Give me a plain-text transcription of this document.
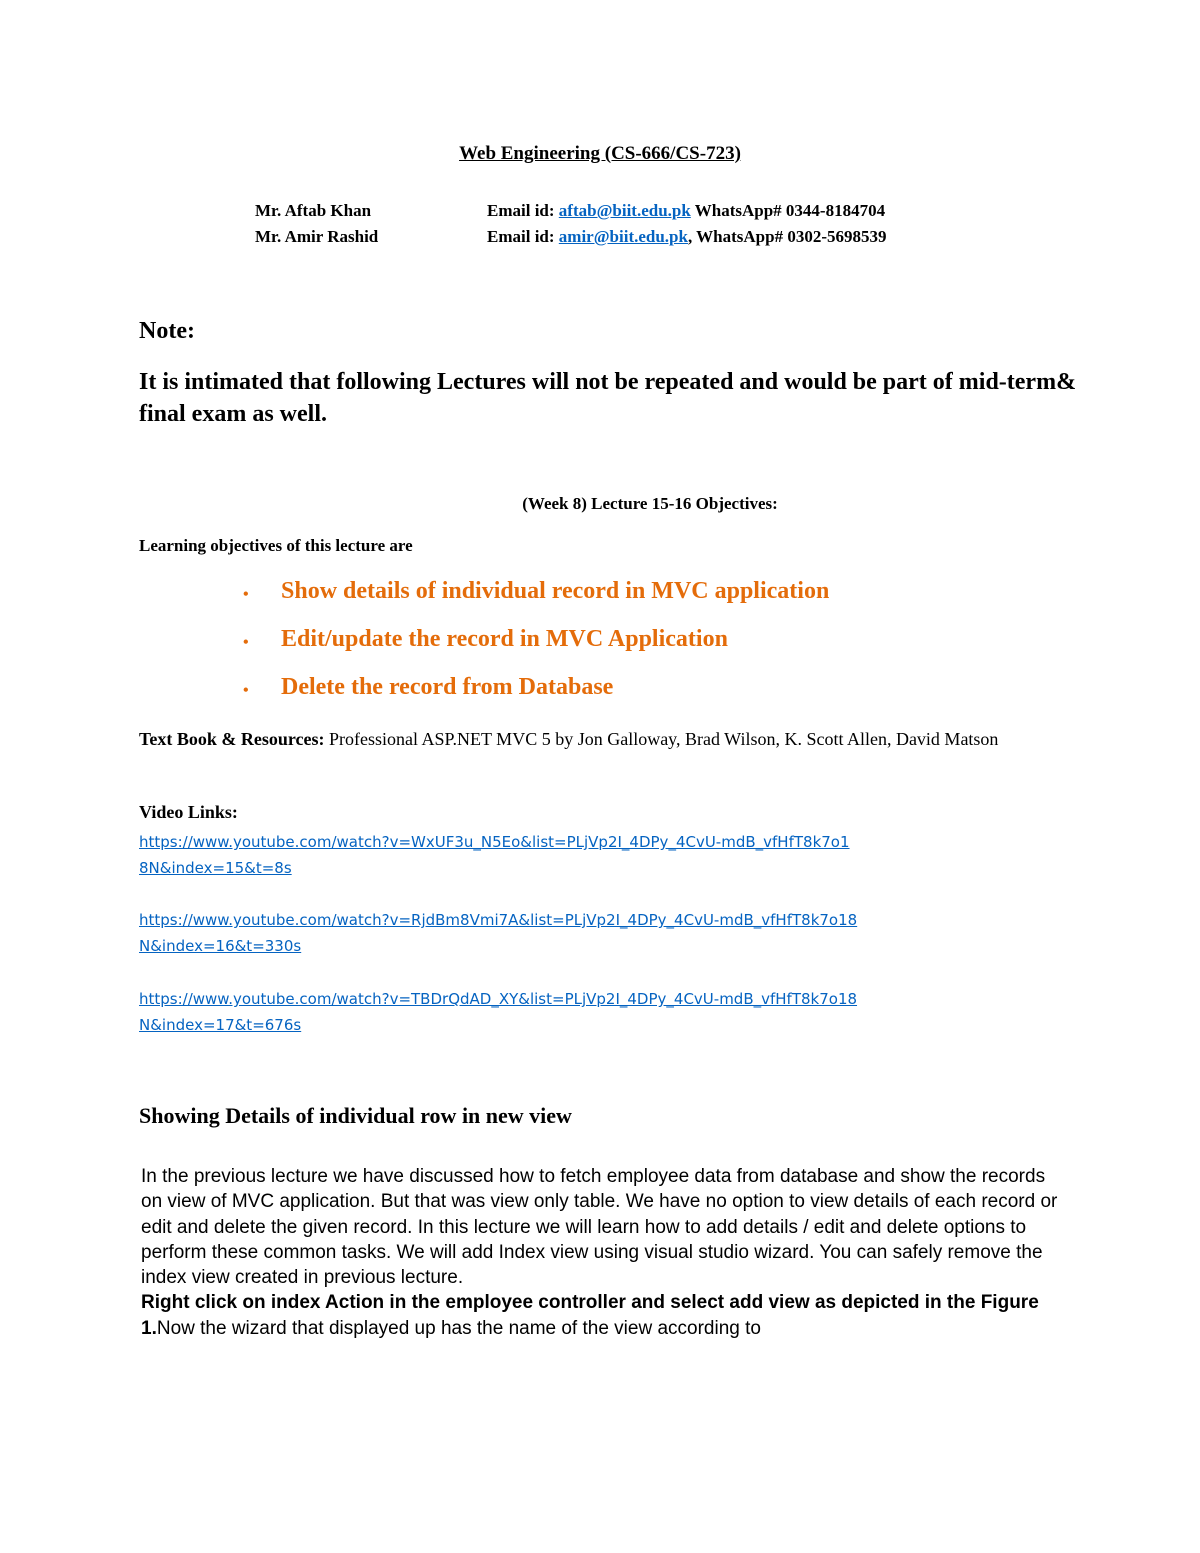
Web Engineering (CS-666/CS-723)
Mr. Aftab Khan	Email id: aftab@biit.edu.pk WhatsApp# 0344-8184704
Mr. Amir Rashid	Email id: amir@biit.edu.pk, WhatsApp# 0302-5698539
Note:
It is intimated that following Lectures will not be repeated and would be part of mid-term& final exam as well.
(Week 8) Lecture 15-16 Objectives:
Learning objectives of this lecture are
•	Show details of individual record in MVC application
•	Edit/update the record in MVC Application
•	Delete the record from Database
Text Book & Resources: Professional ASP.NET MVC 5 by Jon Galloway, Brad Wilson, K. Scott Allen, David Matson
Video Links:
https://www.youtube.com/watch?v=WxUF3u_N5Eo&list=PLjVp2I_4DPy_4CvU-mdB_vfHfT8k7o18N&index=15&t=8s
https://www.youtube.com/watch?v=RjdBm8Vmi7A&list=PLjVp2I_4DPy_4CvU-mdB_vfHfT8k7o18N&index=16&t=330s
https://www.youtube.com/watch?v=TBDrQdAD_XY&list=PLjVp2I_4DPy_4CvU-mdB_vfHfT8k7o18N&index=17&t=676s
Showing Details of individual row in new view
In the previous lecture we have discussed how to fetch employee data from database and show the records on view of MVC application. But that was view only table. We have no option to view details of each record or edit and delete the given record. In this lecture we will learn how to add details / edit and delete options to perform these common tasks. We will add Index view using visual studio wizard. You can safely remove the index view created in previous lecture.
Right click on index Action in the employee controller and select add view as depicted in the Figure 1.Now the wizard that displayed up has the name of the view according to
